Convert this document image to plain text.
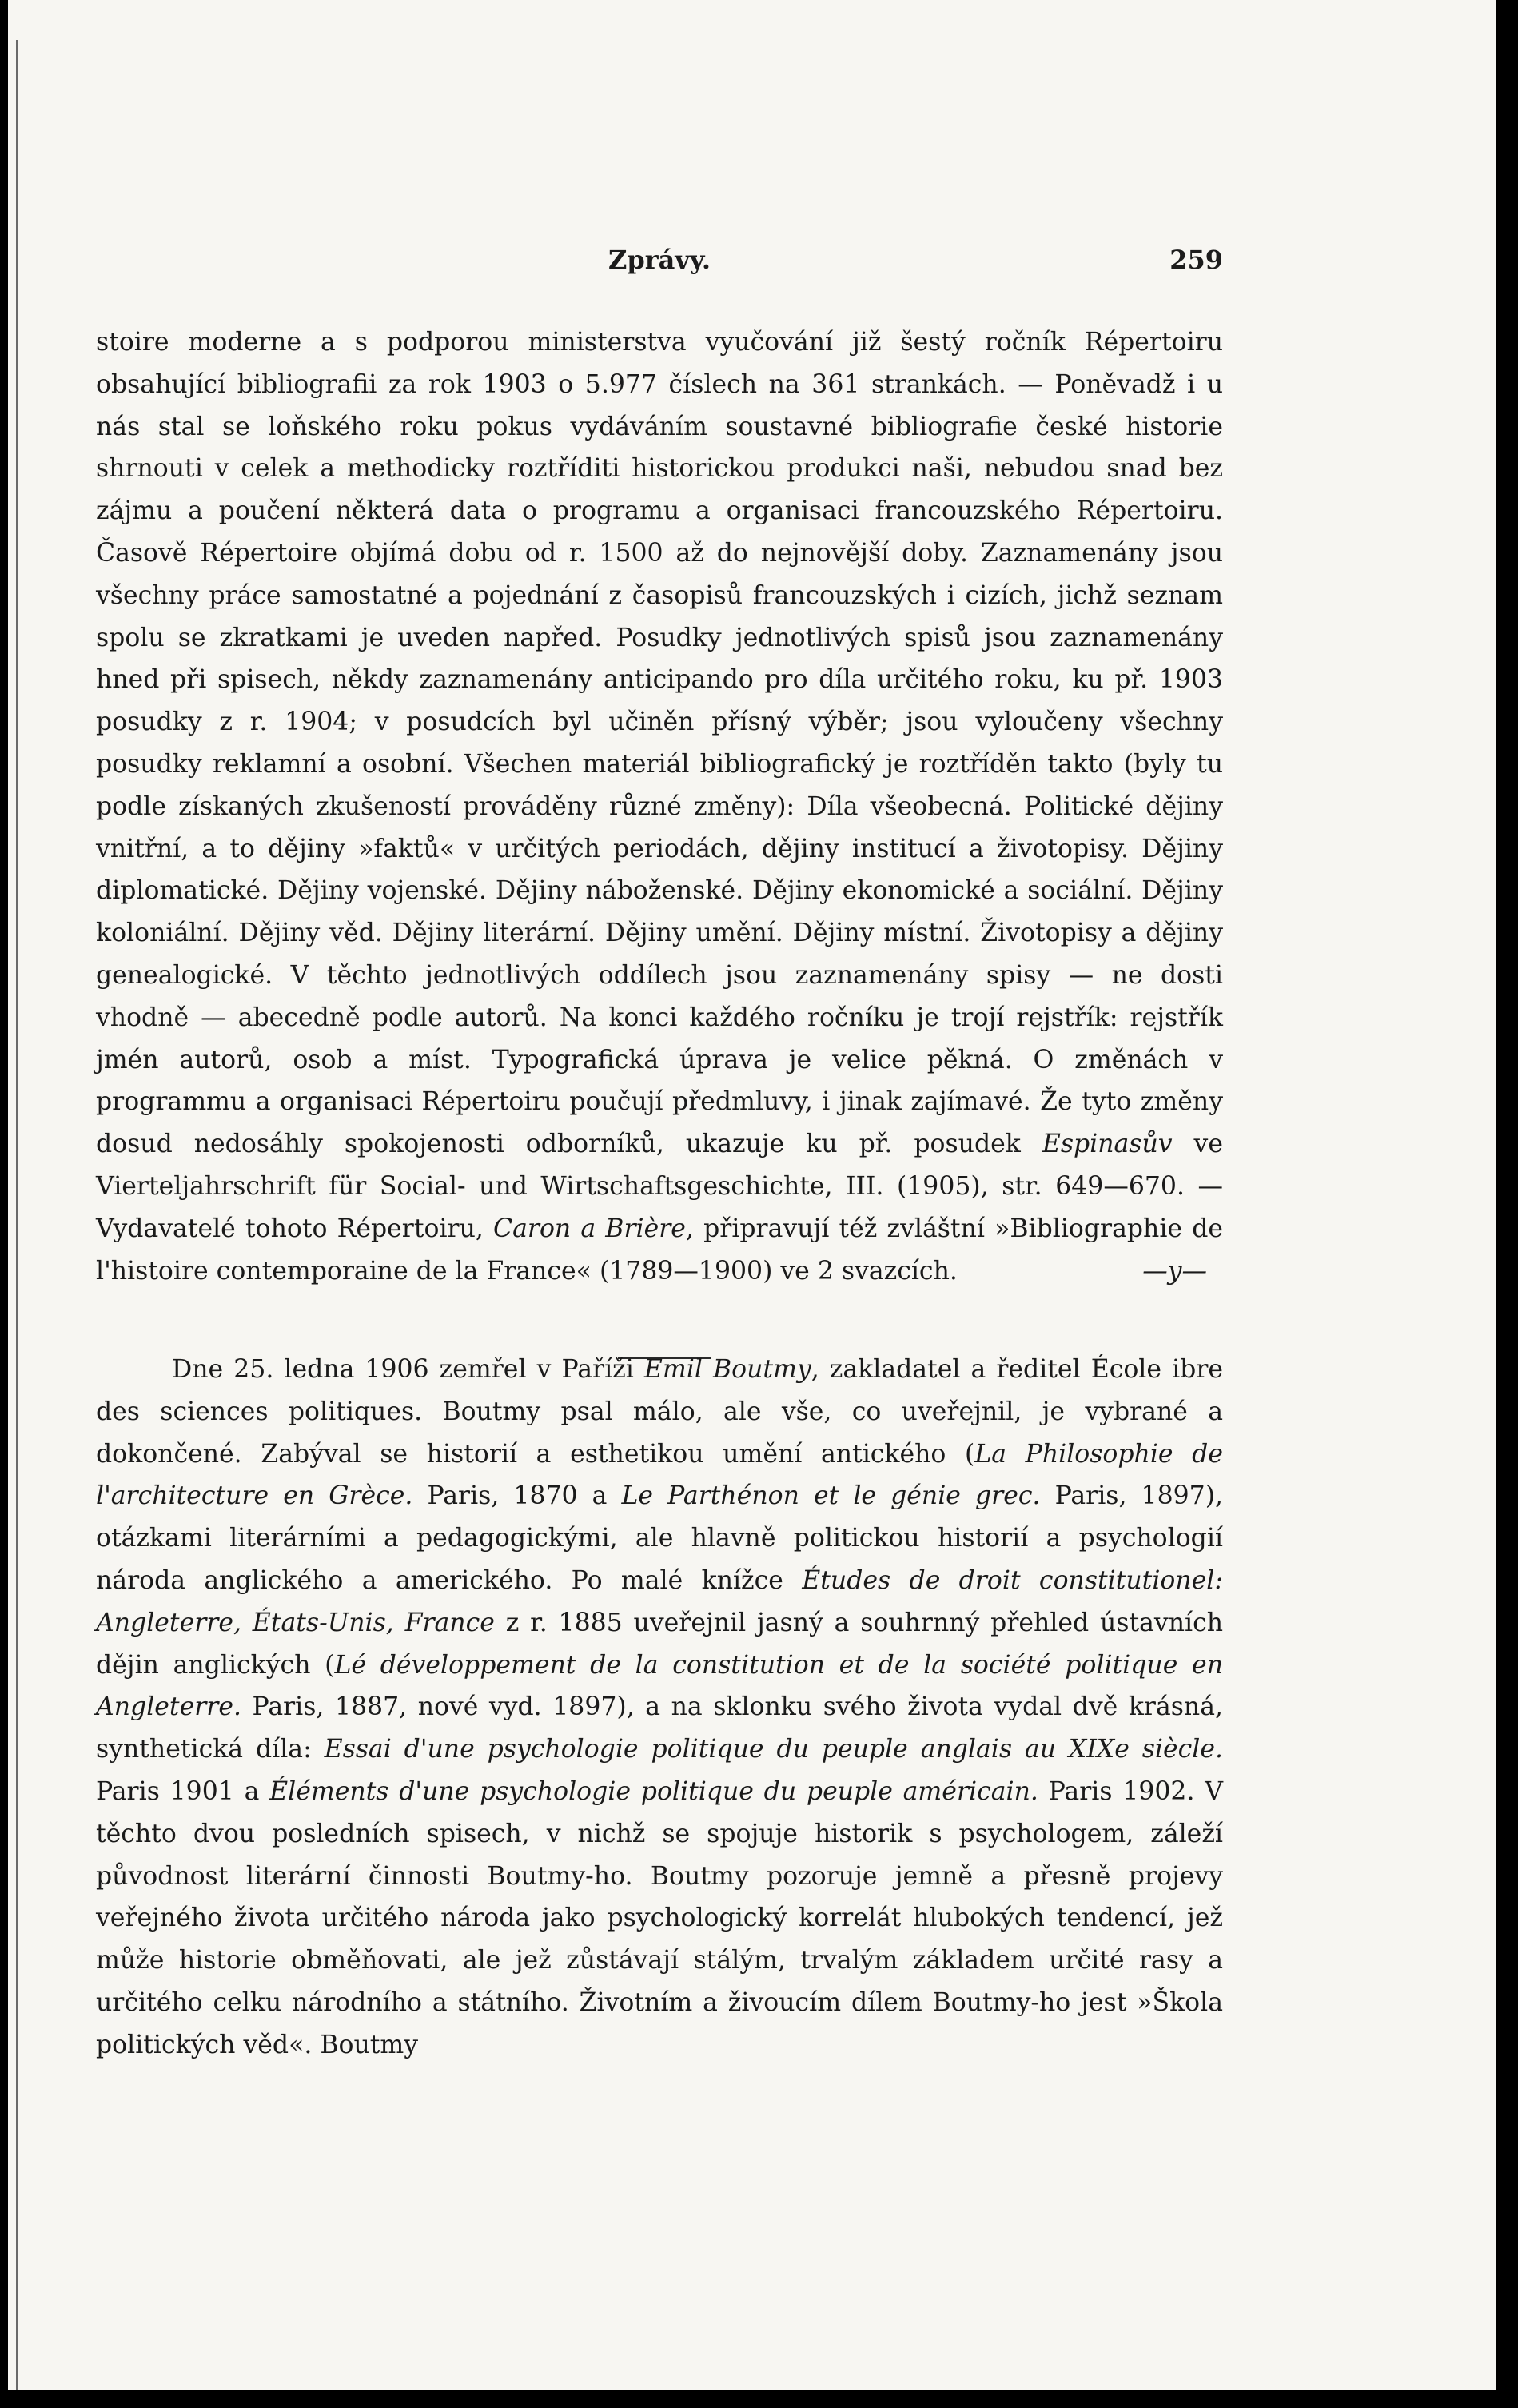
Zprávy.	259

stoire moderne a s podporou ministerstva vyučování již šestý ročník Répertoiru obsahující bibliografii za rok 1903 o 5.977 číslech na 361 strankách. — Poněvadž i u nás stal se loňského roku pokus vydáváním soustavné bibliografie české historie shrnouti v celek a methodicky roztříditi historickou produkci naši, nebudou snad bez zájmu a poučení některá data o programu a organisaci francouzského Répertoiru. Časově Répertoire objímá dobu od r. 1500 až do nejnovější doby. Zaznamenány jsou všechny práce samostatné a pojednání z časopisů francouzských i cizích, jichž seznam spolu se zkratkami je uveden napřed. Posudky jednotlivých spisů jsou zaznamenány hned při spisech, někdy zaznamenány anticipando pro díla určitého roku, ku př. 1903 posudky z r. 1904; v posudcích byl učiněn přísný výběr; jsou vyloučeny všechny posudky reklamní a osobní. Všechen materiál bibliografický je roztříděn takto (byly tu podle získaných zkušeností prováděny různé změny): Díla všeobecná. Politické dějiny vnitřní, a to dějiny »faktů« v určitých periodách, dějiny institucí a životopisy. Dějiny diplomatické. Dějiny vojenské. Dějiny náboženské. Dějiny ekonomické a sociální. Dějiny koloniální. Dějiny věd. Dějiny literární. Dějiny umění. Dějiny místní. Životopisy a dějiny genealogické. V těchto jednotlivých oddílech jsou zaznamenány spisy — ne dosti vhodně — abecedně podle autorů. Na konci každého ročníku je trojí rejstřík: rejstřík jmén autorů, osob a míst. Typografická úprava je velice pěkná. O změnách v programmu a organisaci Répertoiru poučují předmluvy, i jinak zajímavé. Že tyto změny dosud nedosáhly spokojenosti odborníků, ukazuje ku př. posudek Espinasův ve Vierteljahrschrift für Social- und Wirtschaftsgeschichte, III. (1905), str. 649—670. — Vydavatelé tohoto Répertoiru, Caron a Brière, připravují též zvláštní »Bibliographie de l'histoire contemporaine de la France« (1789—1900) ve 2 svazcích.	—y—

Dne 25. ledna 1906 zemřel v Paříži Emil Boutmy, zakladatel a ředitel École ibre des sciences politiques. Boutmy psal málo, ale vše, co uveřejnil, je vybrané a dokončené. Zabýval se historií a esthetikou umění antického (La Philosophie de l'architecture en Grèce. Paris, 1870 a Le Parthénon et le génie grec. Paris, 1897), otázkami literárními a pedagogickými, ale hlavně politickou historií a psychologií národa anglického a amerického. Po malé knížce Études de droit constitutionel: Angleterre, États-Unis, France z r. 1885 uveřejnil jasný a souhrnný přehled ústavních dějin anglických (Lé développement de la constitution et de la société politique en Angleterre. Paris, 1887, nové vyd. 1897), a na sklonku svého života vydal dvě krásná, synthetická díla: Essai d'une psychologie politique du peuple anglais au XIXe siècle. Paris 1901 a Éléments d'une psychologie politique du peuple américain. Paris 1902. V těchto dvou posledních spisech, v nichž se spojuje historik s psychologem, záleží původnost literární činnosti Boutmy-ho. Boutmy pozoruje jemně a přesně projevy veřejného života určitého národa jako psychologický korrelát hlubokých tendencí, jež může historie obměňovati, ale jež zůstávají stálým, trvalým základem určité rasy a určitého celku národního a státního. Životním a živoucím dílem Boutmy-ho jest »Škola politických věd«. Boutmy
